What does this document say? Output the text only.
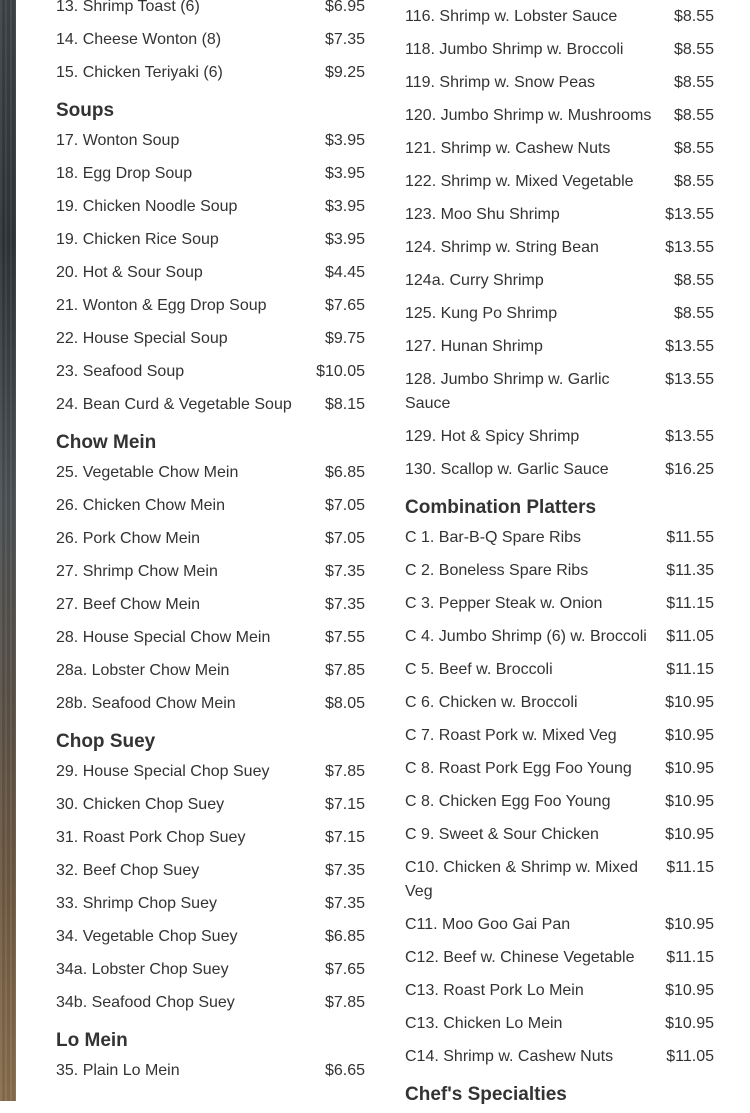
13. Shrimp Toast (6)	$6.95
14. Cheese Wonton (8)	$7.35
15. Chicken Teriyaki (6)	$9.25
Soups
17. Wonton Soup	$3.95
18. Egg Drop Soup	$3.95
19. Chicken Noodle Soup	$3.95
19. Chicken Rice Soup	$3.95
20. Hot & Sour Soup	$4.45
21. Wonton & Egg Drop Soup	$7.65
22. House Special Soup	$9.75
23. Seafood Soup	$10.05
24. Bean Curd & Vegetable Soup $8.15
Chow Mein
25. Vegetable Chow Mein	$6.85
26. Chicken Chow Mein	$7.05
26. Pork Chow Mein	$7.05
27. Shrimp Chow Mein	$7.35
27. Beef Chow Mein	$7.35
28. House Special Chow Mein	$7.55
28a. Lobster Chow Mein	$7.85
28b. Seafood Chow Mein	$8.05
Chop Suey
29. House Special Chop Suey	$7.85
30. Chicken Chop Suey	$7.15
31. Roast Pork Chop Suey	$7.15
32. Beef Chop Suey	$7.35
33. Shrimp Chop Suey	$7.35
34. Vegetable Chop Suey	$6.85
34a. Lobster Chop Suey	$7.65
34b. Seafood Chop Suey	$7.85
Lo Mein
35. Plain Lo Mein	$6.65
116. Shrimp w. Lobster Sauce	$8.55
118. Jumbo Shrimp w. Broccoli	$8.55
119. Shrimp w. Snow Peas	$8.55
120. Jumbo Shrimp w. Mushrooms $8.55
121. Shrimp w. Cashew Nuts	$8.55
122. Shrimp w. Mixed Vegetable	$8.55
123. Moo Shu Shrimp	$13.55
124. Shrimp w. String Bean	$13.55
124a. Curry Shrimp	$8.55
125. Kung Po Shrimp	$8.55
127. Hunan Shrimp	$13.55
128. Jumbo Shrimp w. Garlic Sauce
$13.55
129. Hot & Spicy Shrimp	$13.55
130. Scallop w. Garlic Sauce	$16.25
Combination Platters
C 1. Bar-B-Q Spare Ribs	$11.55
C 2. Boneless Spare Ribs	$11.35
C 3. Pepper Steak w. Onion	$11.15
C 4. Jumbo Shrimp (6) w. Broccoli $11.05
C 5. Beef w. Broccoli	$11.15
C 6. Chicken w. Broccoli	$10.95
C 7. Roast Pork w. Mixed Veg	$10.95
C 8. Roast Pork Egg Foo Young $10.95
C 8. Chicken Egg Foo Young	$10.95
C 9. Sweet & Sour Chicken	$10.95
C10. Chicken & Shrimp w. Mixed Veg
$11.15
C11. Moo Goo Gai Pan	$10.95
C12. Beef w. Chinese Vegetable $11.15
C13. Roast Pork Lo Mein	$10.95
C13. Chicken Lo Mein	$10.95
C14. Shrimp w. Cashew Nuts	$11.05
Chef's Specialties
